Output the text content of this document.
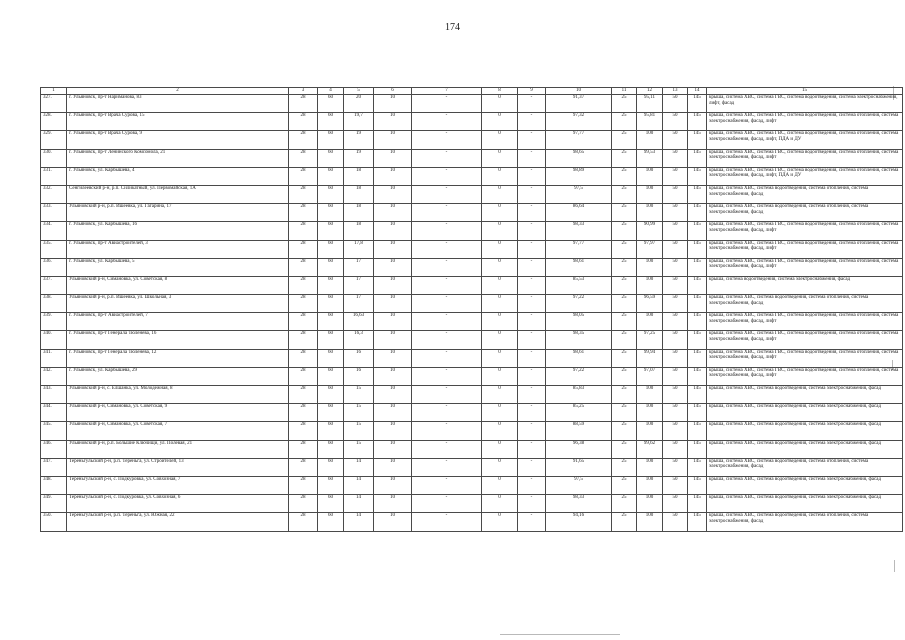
174
1	2	3	4	5	6	7	8	9	10	11	12	13	14	15
327.	г. Ульяновск, пр-т Нариманова, 83	28	60	20	10	-	0	-	91,37	25	95,11	50	145	крыша, система ХВС, система ГВС, система водоотведения, система электроснабжения, лифт, фасад
328.	г. Ульяновск, пр-т Врача Сурова, 15	28	60	19,7	10	-	0	-	97,32	25	95,81	50	145	крыша, система ХВС, система ГВС, система водоотведения, система отопления, система электроснабжения, фасад, лифт
329.	г. Ульяновск, пр-т Врача Сурова, 9	28	60	19	10	-	0	-	97,77	25	100	50	145	крыша, система ХВС, система ГВС, система водоотведения, система отопления, система электроснабжения, фасад, лифт, ПДА и ДУ
330.	г. Ульяновск, пр-т Ленинского Комсомола, 21	28	60	19	10	-	0	-	98,65	25	99,53	50	145	крыша, система ХВС, система ГВС, система водоотведения, система отопления, система электроснабжения, фасад, лифт
331.	г. Ульяновск, ул. Карбышева, 4	28	60	18	10	-	0	-	98,89	25	100	50	145	крыша, система ХВС, система ГВС, система водоотведения, система отопления, система электроснабжения, фасад, лифт, ПДА и ДУ
332.	Сенгилеевский р-н, р.п. Силикатный, ул. Первомайская, 1А	28	60	18	10	-	0	-	97,5	25	100	50	145	крыша, система ХВС, система водоотведения, система отопления, система электроснабжения, фасад
333.	Ульяновский р-н, р.п. Ишеевка, ул. Гагарина, 17	28	60	18	10	-	0	-	86,64	25	100	50	145	крыша, система ХВС, система водоотведения, система отопления, система электроснабжения, фасад
334.	г. Ульяновск, ул. Карбышева, 16	28	60	18	10	-	0	-	98,33	25	90,99	50	145	крыша, система ХВС, система ГВС, система водоотведения, система отопления, система электроснабжения, фасад, лифт
335.	г. Ульяновск, пр-т Авиастроителей, 3	28	60	17,8	10	-	0	-	97,77	25	97,97	50	145	крыша, система ХВС, система ГВС, система водоотведения, система отопления, система электроснабжения, фасад, лифт
336.	г. Ульяновск, ул. Карбышева, 5	28	60	17	10	-	0	-	98,61	25	100	50	145	крыша, система ХВС, система ГВС, система водоотведения, система отопления, система электроснабжения, фасад, лифт
337.	Ульяновский р-н, Симановка, ул. Советская, 8	28	60	17	10	-	0	-	85,53	25	100	50	145	крыша, система водоотведения, система электроснабжения, фасад
338.	Ульяновский р-н, р.п. Ишеевка, ул. Школьная, 3	28	60	17	10	-	0	-	97,22	25	96,59	50	145	крыша, система ХВС, система водоотведения, система отопления, система электроснабжения, фасад
339.	г. Ульяновск, пр-т Авиастроителей, 7	28	60	16,63	10	-	0	-	98,05	25	100	50	145	крыша, система ХВС, система ГВС, система водоотведения, система отопления, система электроснабжения, фасад, лифт
340.	г. Ульяновск, пр-т Генерала Тюленева, 16	28	60	16,3	10	-	0	-	98,35	25	97,25	50	145	крыша, система ХВС, система ГВС, система водоотведения, система отопления, система электроснабжения, фасад, лифт
341.	г. Ульяновск, пр-т Генерала Тюленева, 12	28	60	16	10	-	0	-	98,61	25	99,94	50	145	крыша, система ХВС, система ГВС, система водоотведения, система отопления, система электроснабжения, фасад, лифт
342.	г. Ульяновск, ул. Карбышева, 29	28	60	16	10	-	0	-	97,22	25	97,07	50	145	крыша, система ХВС, система ГВС, система водоотведения, система отопления, система электроснабжения, фасад, лифт
343.	Ульяновский р-н, с. Елшанка, ул. Молодёжная, 8	28	60	15	10	-	0	-	85,83	25	100	50	145	крыша, система ХВС, система водоотведения, система электроснабжения, фасад
344.	Ульяновский р-н, Симановка, ул. Советская, 9	28	60	15	10	-	0	-	85,25	25	100	50	145	крыша, система ХВС, система водоотведения, система электроснабжения, фасад
345.	Ульяновский р-н, Симановка, ул. Советская, 7	28	60	15	10	-	0	-	88,59	25	100	50	145	крыша, система ХВС, система водоотведения, система электроснабжения, фасад
346.	Ульяновский р-н, р.п. Большие Ключищи, ул. Полевая, 21	28	60	15	10	-	0	-	96,38	25	99,62	50	145	крыша, система ХВС, система водоотведения, система электроснабжения, фасад
347.	Тереньгульский р-н, р.п. Тереньга, ул. Строителей, 13	28	60	14	10	-	0	-	91,65	25	100	50	145	крыша, система ХВС, система водоотведения, система отопления, система электроснабжения, фасад
348.	Тереньгульский р-н, с. Подкуровка, ул. Совхозная, 7	28	60	14	10	-	0	-	97,5	25	100	50	145	крыша, система ХВС, система водоотведения, система электроснабжения, фасад
349.	Тереньгульский р-н, с. Подкуровка, ул. Совхозная, 6	28	60	14	10	-	0	-	98,33	25	100	50	145	крыша, система ХВС, система водоотведения, система электроснабжения, фасад
350.	Тереньгульский р-н, р.п. Тереньга, ул. Южная, 22	28	60	14	10	-	0	-	94,16	25	100	50	145	крыша, система ХВС, система водоотведения, система отопления, система электроснабжения, фасад
